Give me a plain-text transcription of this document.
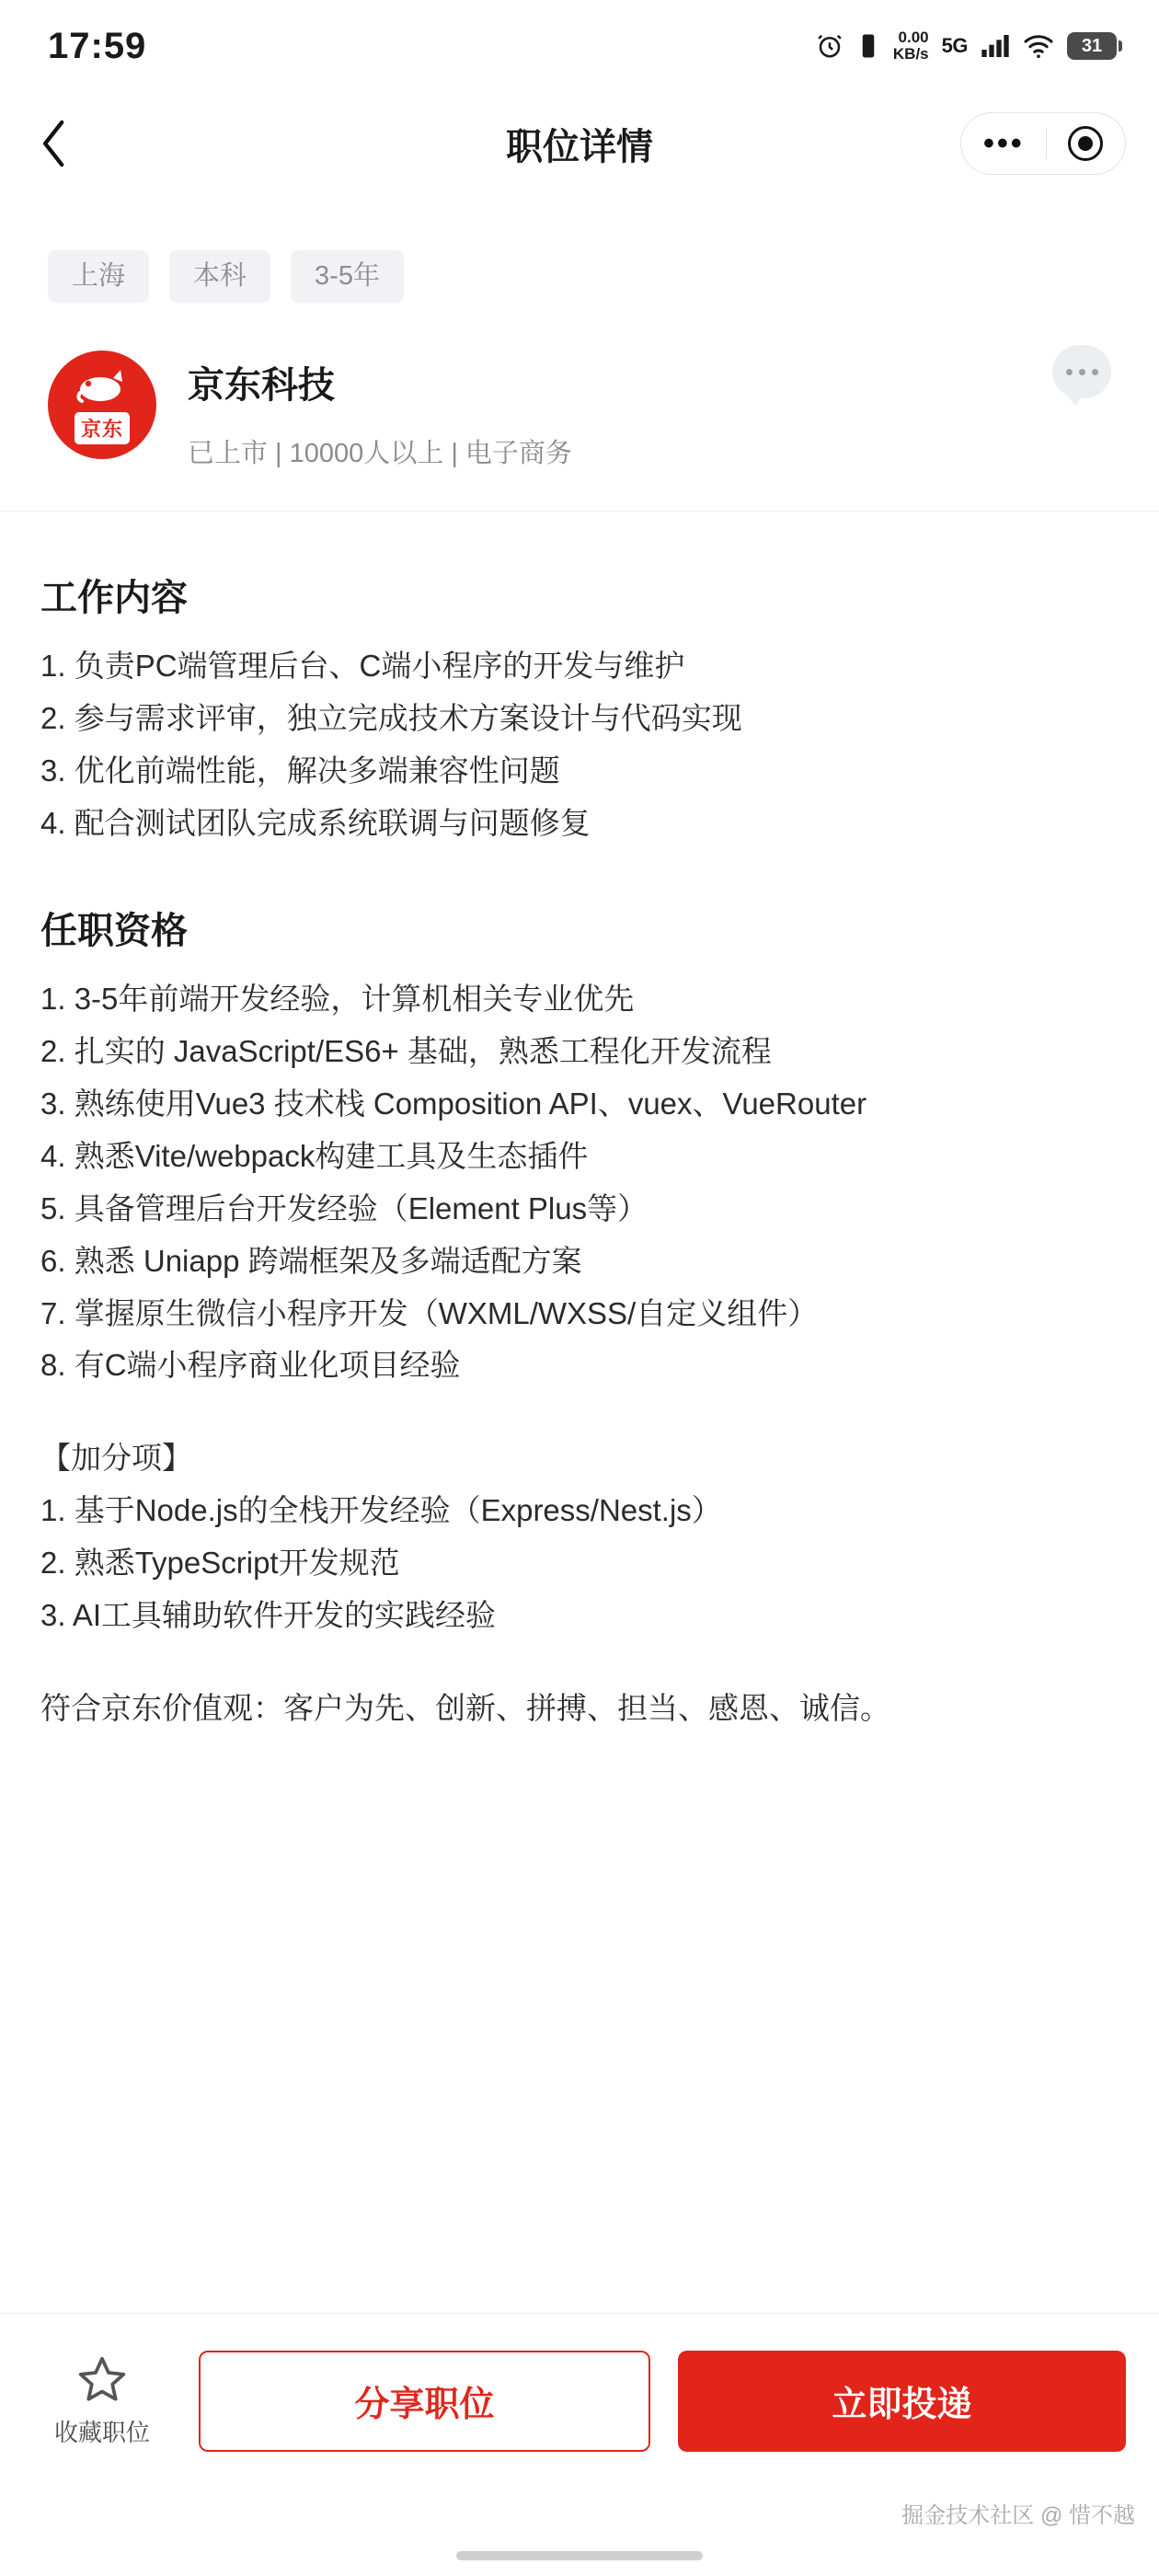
17:59	0.00
KB/s 5G	31
职位详情	•••
上海	本科	3-5年
京东
京东科技
已上市 | 10000人以上 | 电子商务
工作内容
1. 负责PC端管理后台、C端小程序的开发与维护
2. 参与需求评审，独立完成技术方案设计与代码实现
3. 优化前端性能，解决多端兼容性问题
4. 配合测试团队完成系统联调与问题修复
任职资格
1. 3-5年前端开发经验，计算机相关专业优先
2. 扎实的 JavaScript/ES6+ 基础，熟悉工程化开发流程
3. 熟练使用Vue3 技术栈 Composition API、vuex、VueRouter
4. 熟悉Vite/webpack构建工具及生态插件
5. 具备管理后台开发经验（Element Plus等）
6. 熟悉 Uniapp 跨端框架及多端适配方案
7. 掌握原生微信小程序开发（WXML/WXSS/自定义组件）
8. 有C端小程序商业化项目经验
【加分项】
1. 基于Node.js的全栈开发经验（Express/Nest.js）
2. 熟悉TypeScript开发规范
3. AI工具辅助软件开发的实践经验
符合京东价值观：客户为先、创新、拼搏、担当、感恩、诚信。
收藏职位
分享职位	立即投递
掘金技术社区 @ 惜不越
